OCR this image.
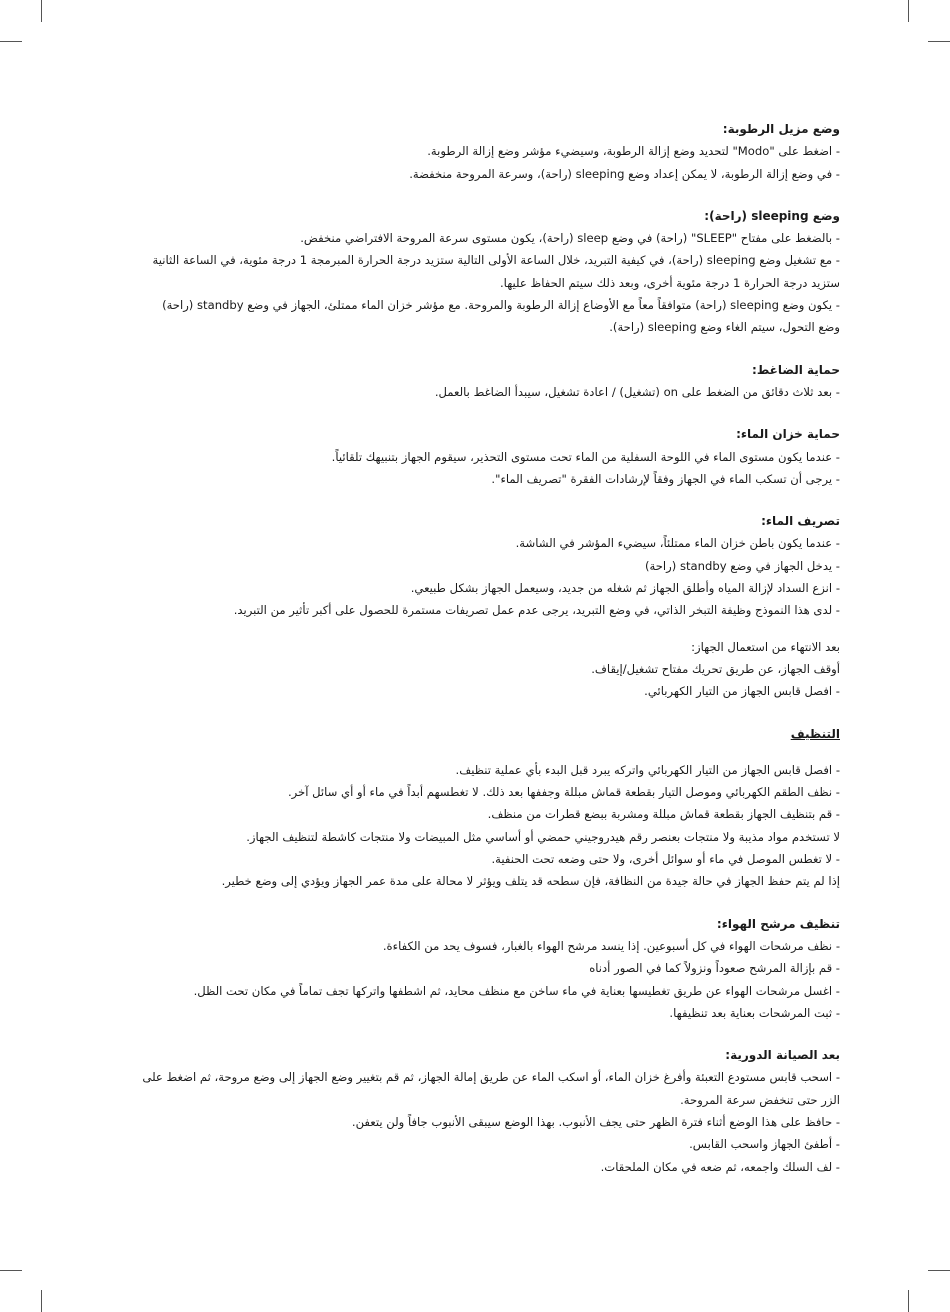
وضع مزيل الرطوبة:

- اضغط على "Modo" لتحديد وضع إزالة الرطوبة، وسيضيء مؤشر وضع إزالة الرطوبة.

- في وضع إزالة الرطوبة، لا يمكن إعداد وضع sleeping (راحة)، وسرعة المروحة منخفضة.

وضع sleeping (راحة):

- بالضغط على مفتاح "SLEEP" (راحة) في وضع sleep (راحة)، يكون مستوى سرعة المروحة الافتراضي منخفض.

- مع تشغيل وضع sleeping (راحة)، في كيفية التبريد، خلال الساعة الأولى التالية ستزيد درجة الحرارة المبرمجة 1 درجة مئوية، في الساعة الثانية ستزيد درجة الحرارة 1 درجة مئوية أخرى، وبعد ذلك سيتم الحفاظ عليها.

- يكون وضع sleeping (راحة) متوافقاً معاً مع الأوضاع إزالة الرطوبة والمروحة. مع مؤشر خزان الماء ممتلئ، الجهاز في وضع standby (راحة) وضع التحول، سيتم الغاء وضع sleeping (راحة).

حماية الضاغط:

- بعد ثلاث دقائق من الضغط على on (تشغيل) / اعادة تشغيل، سيبدأ الضاغط بالعمل.

حماية خزان الماء:

- عندما يكون مستوى الماء في اللوحة السفلية من الماء تحت مستوى التحذير، سيقوم الجهاز بتنبيهك تلقائياً.

- يرجى أن تسكب الماء في الجهاز وفقاً لإرشادات الفقرة "تصريف الماء".

تصريف الماء:

- عندما يكون باطن خزان الماء ممتلئاً، سيضيء المؤشر في الشاشة.

- يدخل الجهاز في وضع standby (راحة)

- انزع السداد لإزالة المياه وأطلق الجهاز ثم شغله من جديد، وسيعمل الجهاز بشكل طبيعي.

- لدى هذا النموذج وظيفة التبخر الذاتي، في وضع التبريد، يرجى عدم عمل تصريفات مستمرة للحصول على أكبر تأثير من التبريد.

بعد الانتهاء من استعمال الجهاز:

أوقف الجهاز، عن طريق تحريك مفتاح تشغيل/إيقاف.

- افصل قابس الجهاز من التيار الكهربائي.

التنظيف

- افصل قابس الجهاز من التيار الكهربائي واتركه يبرد قبل البدء بأي عملية تنظيف.

- نظف الطقم الكهربائي وموصل التيار بقطعة قماش مبللة وجففها بعد ذلك. لا تغطسهم أبداً في ماء أو أي سائل آخر.

- قم بتنظيف الجهاز بقطعة قماش مبللة ومشربة ببضع قطرات من منظف.

لا تستخدم مواد مذيبة ولا منتجات بعنصر رقم هيدروجيني حمضي أو أساسي مثل المبيضات ولا منتجات كاشطة لتنظيف الجهاز.

- لا تغطس الموصل في ماء أو سوائل أخرى، ولا حتى وضعه تحت الحنفية.

إذا لم يتم حفظ الجهاز في حالة جيدة من النظافة، فإن سطحه قد يتلف ويؤثر لا محالة على مدة عمر الجهاز ويؤدي إلى وضع خطير.

تنظيف مرشح الهواء:

- نظف مرشحات الهواء في كل أسبوعين. إذا ينسد مرشح الهواء بالغبار، فسوف يحد من الكفاءة.

- قم بإزالة المرشح صعوداً ونزولاً كما في الصور أدناه

- اغسل مرشحات الهواء عن طريق تغطيسها بعناية في ماء ساخن مع منظف محايد، ثم اشطفها واتركها تجف تماماً في مكان تحت الظل.

- ثبت المرشحات بعناية بعد تنظيفها.

بعد الصيانة الدورية:

- اسحب قابس مستودع التعبئة وأفرغ خزان الماء، أو اسكب الماء عن طريق إمالة الجهاز، ثم قم بتغيير وضع الجهاز إلى وضع مروحة، ثم اضغط على الزر حتى تنخفض سرعة المروحة.

- حافظ على هذا الوضع أثناء فترة الظهر حتى يجف الأنبوب. بهذا الوضع سيبقى الأنبوب جافاً ولن يتعفن.

- أطفئ الجهاز واسحب القابس.

- لف السلك واجمعه، ثم ضعه في مكان الملحقات.
